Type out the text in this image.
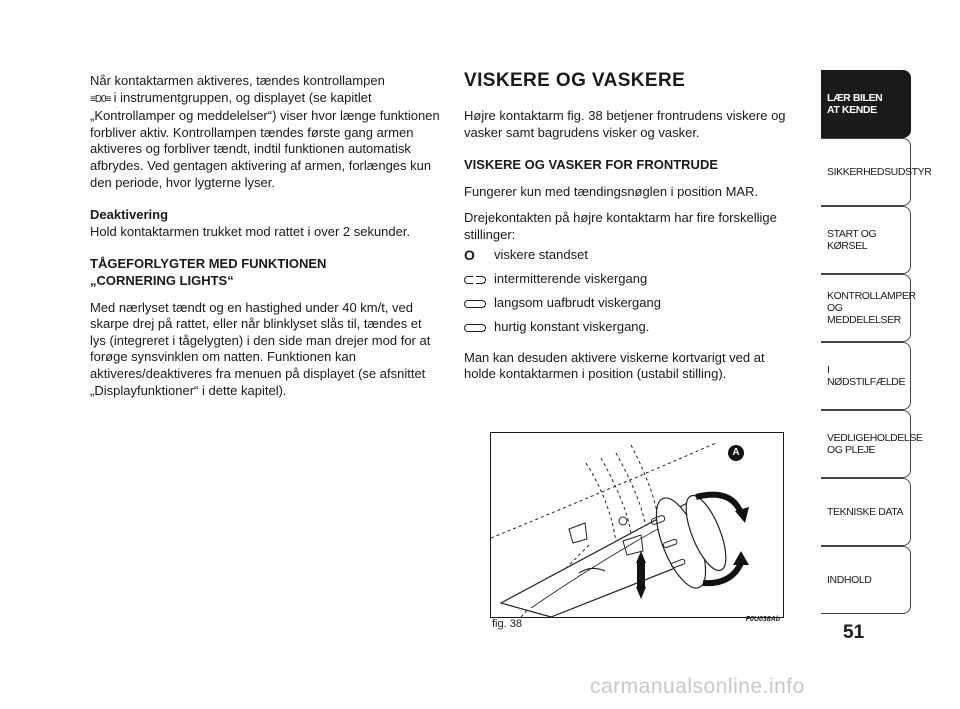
Når kontaktarmen aktiveres, tændes kontrollampen
≡D0≡ i instrumentgruppen, og displayet (se kapitlet „Kontrollamper og meddelelser“) viser hvor længe funktionen forbliver aktiv. Kontrollampen tændes første gang armen aktiveres og forbliver tændt, indtil funktionen automatisk afbrydes. Ved gentagen aktivering af armen, forlænges kun den periode, hvor lygterne lyser.

Deaktivering

Hold kontaktarmen trukket mod rattet i over 2 sekunder.

TÅGEFORLYGTER MED FUNKTIONEN
„CORNERING LIGHTS“

Med nærlyset tændt og en hastighed under 40 km/t, ved skarpe drej på rattet, eller når blinklyset slås til, tændes et lys (integreret i tågelygten) i den side man drejer mod for at forøge synsvinklen om natten. Funktionen kan aktiveres/deaktiveres fra menuen på displayet (se afsnittet „Displayfunktioner“ i dette kapitel).

VISKERE OG VASKERE

Højre kontaktarm fig. 38 betjener frontrudens viskere og vasker samt bagrudens visker og vasker.

VISKERE OG VASKER FOR FRONTRUDE

Fungerer kun med tændingsnøglen i position MAR.

Drejekontakten på højre kontaktarm har fire forskellige stillinger:

O	viskere standset
intermitterende viskergang
langsom uafbrudt viskergang
hurtig konstant viskergang.

Man kan desuden aktivere viskerne kortvarigt ved at holde kontaktarmen i position (ustabil stilling).

A
fig. 38	F0U038Ab
LÆR BILEN
AT KENDE
SIKKERHEDSUDSTYR
START OG KØRSEL
KONTROLLAMPER
OG MEDDELELSER
I NØDSTILFÆLDE
VEDLIGEHOLDELSE
OG PLEJE
TEKNISKE DATA
INDHOLD
51
carmanualsonline.info
